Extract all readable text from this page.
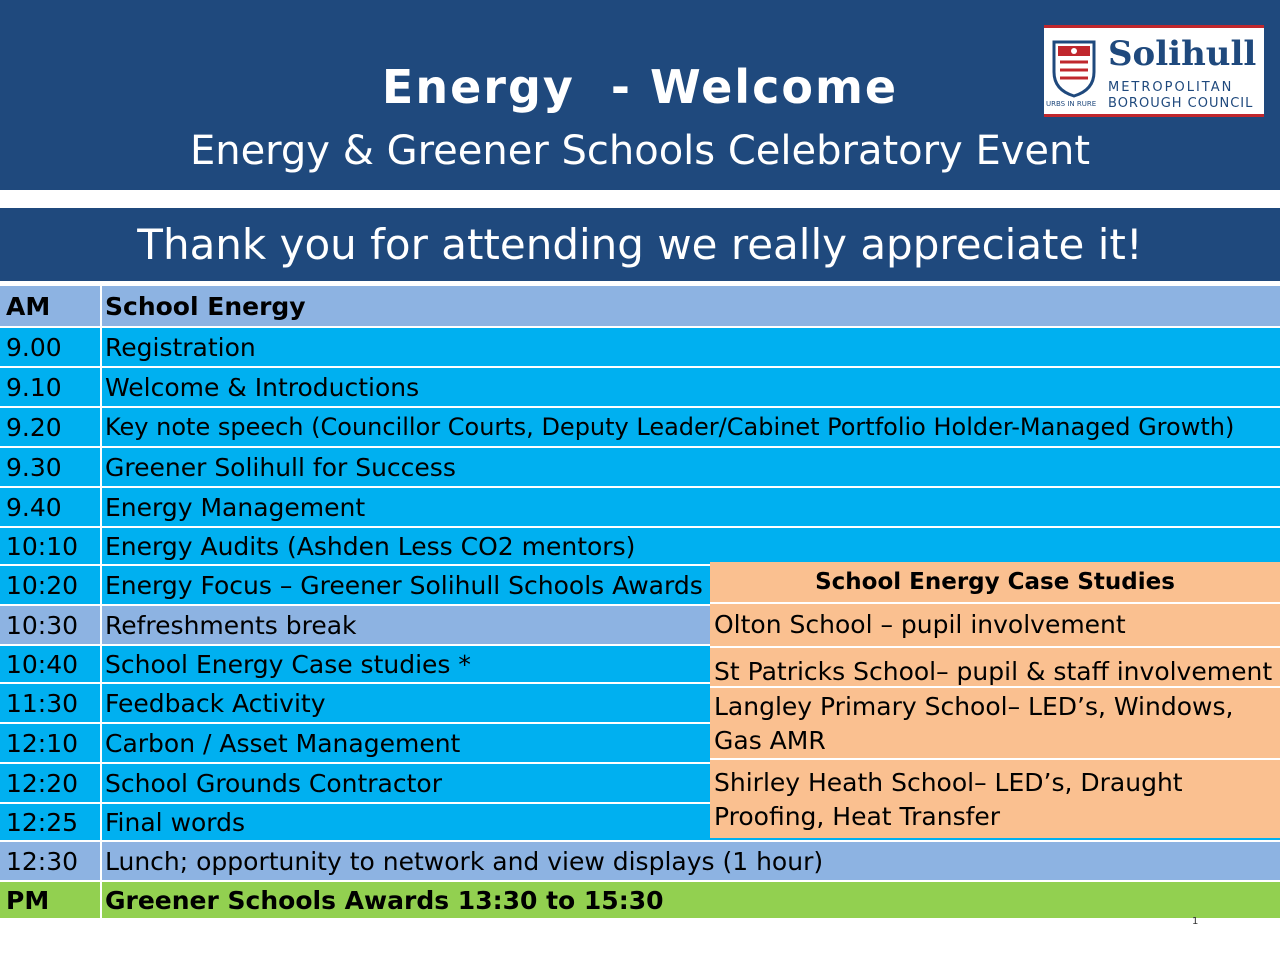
Energy  - Welcome
Energy & Greener Schools Celebratory Event
Solihull
METROPOLITAN
BOROUGH COUNCIL
URBS IN RURE
Thank you for attending we really appreciate it!
AM	School Energy
9.00	Registration
9.10	Welcome & Introductions
9.20	Key note speech (Councillor Courts, Deputy Leader/Cabinet Portfolio Holder-Managed Growth)
9.30	Greener Solihull for Success
9.40	Energy Management
10:10	Energy Audits (Ashden Less CO2 mentors)
10:20	Energy Focus – Greener Solihull Schools Awards
10:30	Refreshments break
10:40	School Energy Case studies *
11:30	Feedback Activity
12:10	Carbon / Asset Management
12:20	School Grounds Contractor
12:25	Final words
12:30	Lunch; opportunity to network and view displays (1 hour)
PM	Greener Schools Awards 13:30 to 15:30
School Energy Case Studies
Olton School – pupil involvement
St Patricks School– pupil & staff involvement
Langley Primary School– LED’s, Windows, Gas AMR
Shirley Heath School– LED’s, Draught Proofing, Heat Transfer
1
